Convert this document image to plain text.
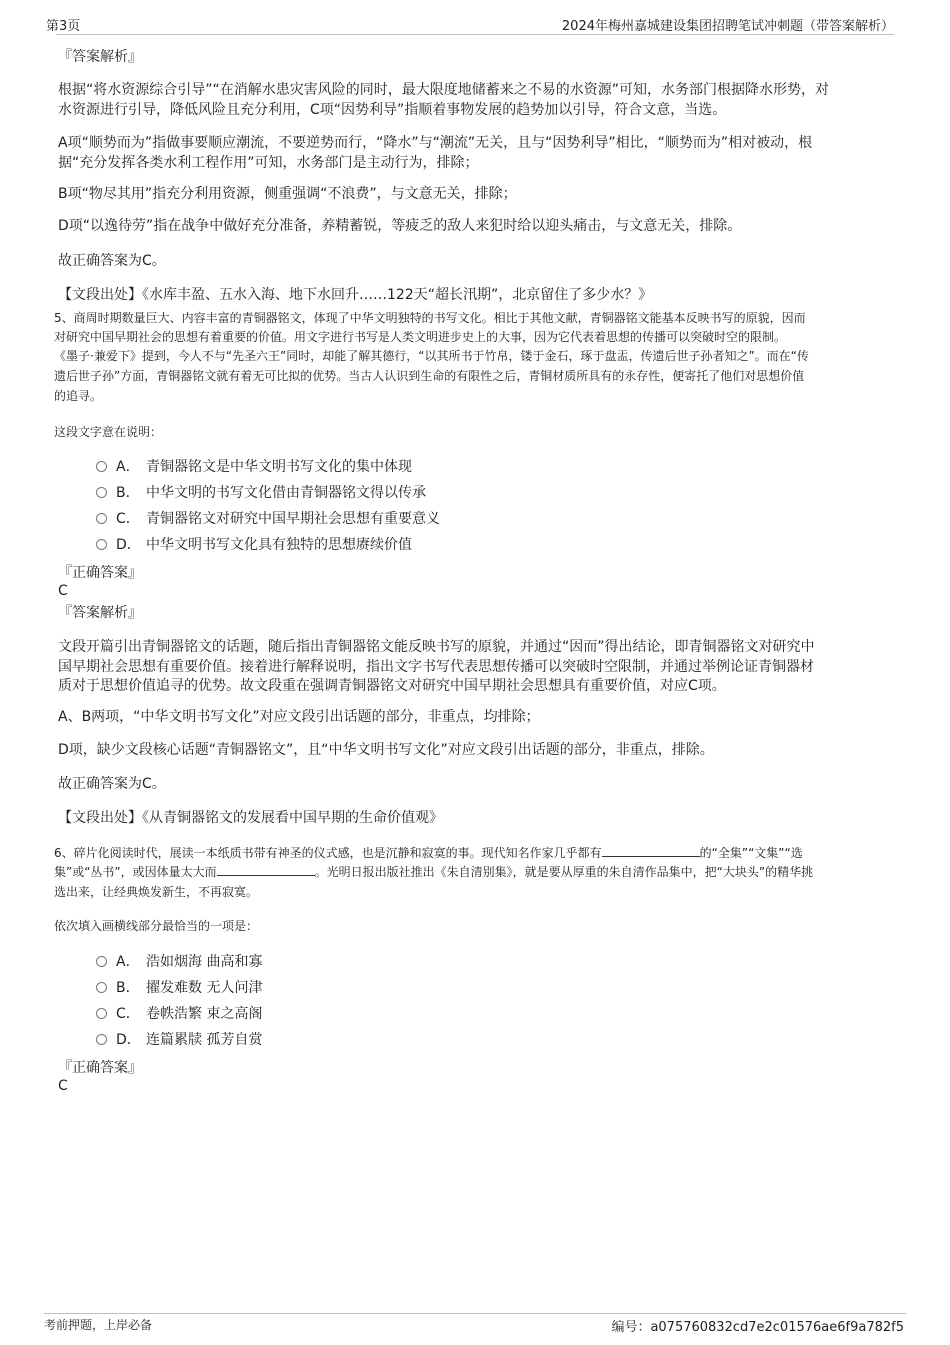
第3页	2024年梅州嘉城建设集团招聘笔试冲刺题（带答案解析）
『答案解析』
根据“将水资源综合引导”“在消解水患灾害风险的同时，最大限度地储蓄来之不易的水资源”可知，水务部门根据降水形势，对
水资源进行引导，降低风险且充分利用，C项“因势利导”指顺着事物发展的趋势加以引导，符合文意，当选。
A项“顺势而为”指做事要顺应潮流，不要逆势而行，“降水”与“潮流”无关，且与“因势利导”相比，“顺势而为”相对被动，根
据“充分发挥各类水利工程作用”可知，水务部门是主动行为，排除；
B项“物尽其用”指充分利用资源，侧重强调“不浪费”，与文意无关，排除；
D项“以逸待劳”指在战争中做好充分准备，养精蓄锐，等疲乏的敌人来犯时给以迎头痛击，与文意无关，排除。
故正确答案为C。
【文段出处】《水库丰盈、五水入海、地下水回升……122天“超长汛期”，北京留住了多少水？》
5、商周时期数量巨大、内容丰富的青铜器铭文，体现了中华文明独特的书写文化。相比于其他文献，青铜器铭文能基本反映书写的原貌，因而
对研究中国早期社会的思想有着重要的价值。用文字进行书写是人类文明进步史上的大事，因为它代表着思想的传播可以突破时空的限制。
《墨子·兼爱下》提到，今人不与“先圣六王”同时，却能了解其德行，“以其所书于竹帛，镂于金石，琢于盘盂，传遗后世子孙者知之”。而在“传
遗后世子孙”方面，青铜器铭文就有着无可比拟的优势。当古人认识到生命的有限性之后，青铜材质所具有的永存性，便寄托了他们对思想价值
的追寻。
这段文字意在说明：
A． 青铜器铭文是中华文明书写文化的集中体现
B． 中华文明的书写文化借由青铜器铭文得以传承
C． 青铜器铭文对研究中国早期社会思想有重要意义
D． 中华文明书写文化具有独特的思想赓续价值
『正确答案』
C
『答案解析』
文段开篇引出青铜器铭文的话题，随后指出青铜器铭文能反映书写的原貌，并通过“因而”得出结论，即青铜器铭文对研究中
国早期社会思想有重要价值。接着进行解释说明，指出文字书写代表思想传播可以突破时空限制，并通过举例论证青铜器材
质对于思想价值追寻的优势。故文段重在强调青铜器铭文对研究中国早期社会思想具有重要价值，对应C项。
A、B两项，“中华文明书写文化”对应文段引出话题的部分，非重点，均排除；
D项，缺少文段核心话题“青铜器铭文”，且“中华文明书写文化”对应文段引出话题的部分，非重点，排除。
故正确答案为C。
【文段出处】《从青铜器铭文的发展看中国早期的生命价值观》
6、碎片化阅读时代，展读一本纸质书带有神圣的仪式感，也是沉静和寂寞的事。现代知名作家几乎都有	的“全集”“文集”“选
集”或“丛书”，或因体量太大而	。光明日报出版社推出《朱自清别集》，就是要从厚重的朱自清作品集中，把“大块头”的精华挑
选出来，让经典焕发新生，不再寂寞。
依次填入画横线部分最恰当的一项是：
A． 浩如烟海 曲高和寡
B． 擢发难数 无人问津
C． 卷帙浩繁 束之高阁
D． 连篇累牍 孤芳自赏
『正确答案』
C
考前押题，上岸必备	编号：a075760832cd7e2c01576ae6f9a782f5
